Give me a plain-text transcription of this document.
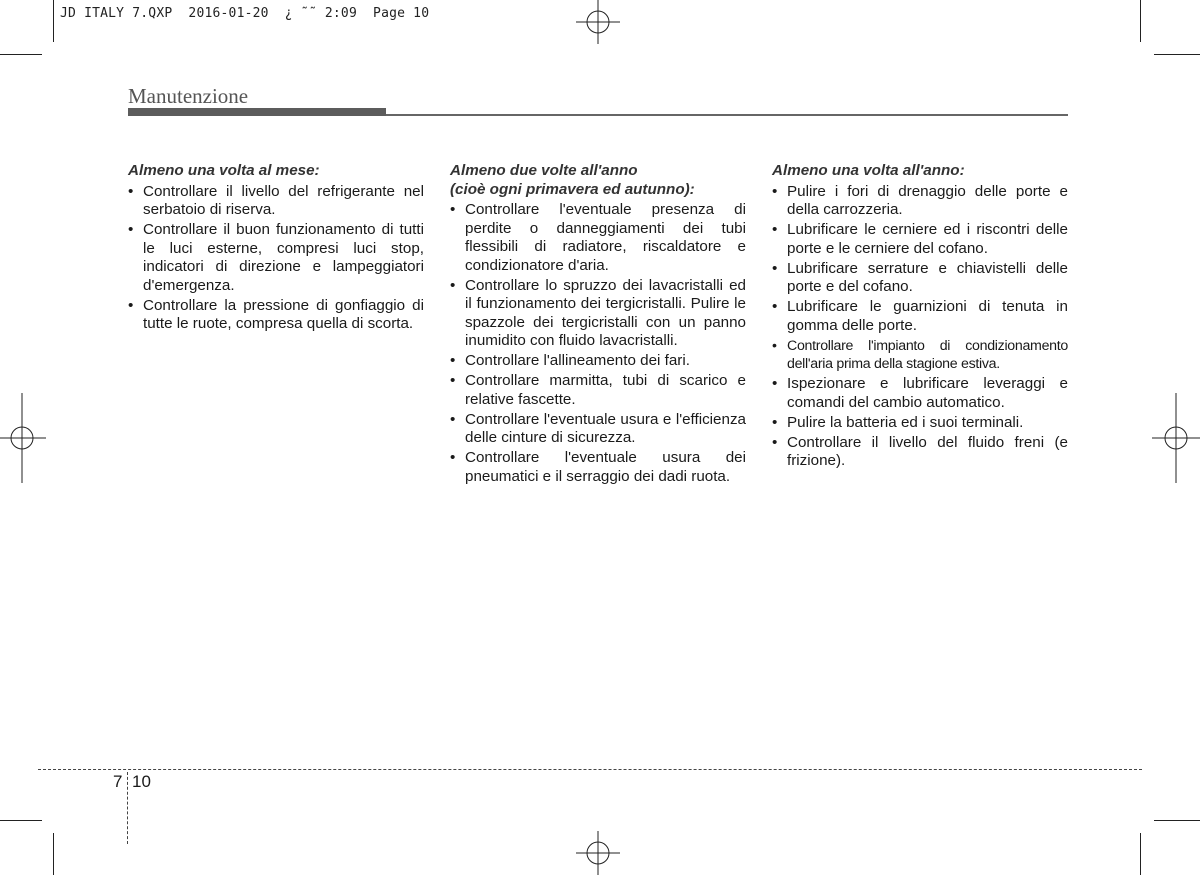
JD ITALY 7.QXP  2016-01-20  ¿ ˜˜ 2:09  Page 10
Manutenzione
Almeno una volta al mese:
• Controllare il livello del refrigerante nel serbatoio di riserva.
• Controllare il buon funzionamento di tutti le luci esterne, compresi luci stop, indicatori di direzione e lampeggiatori d'emergenza.
• Controllare la pressione di gonfiaggio di tutte le ruote, compresa quella di scorta.
Almeno due volte all'anno
(cioè ogni primavera ed autunno):
• Controllare l'eventuale presenza di perdite o danneggiamenti dei tubi flessibili di radiatore, riscaldatore e condizionatore d'aria.
• Controllare lo spruzzo dei lavacristalli ed il funzionamento dei tergicristalli. Pulire le spazzole dei tergicristalli con un panno inumidito con fluido lavacristalli.
• Controllare l'allineamento dei fari.
• Controllare marmitta, tubi di scarico e relative fascette.
• Controllare l'eventuale usura e l'efficienza delle cinture di sicurezza.
• Controllare l'eventuale usura dei pneumatici e il serraggio dei dadi ruota.
Almeno una volta all'anno:
• Pulire i fori di drenaggio delle porte e della carrozzeria.
• Lubrificare le cerniere ed i riscontri delle porte e le cerniere del cofano.
• Lubrificare serrature e chiavistelli delle porte e del cofano.
• Lubrificare le guarnizioni di tenuta in gomma delle porte.
• Controllare l'impianto di condizionamento dell'aria prima della stagione estiva.
• Ispezionare e lubrificare leveraggi e comandi del cambio automatico.
• Pulire la batteria ed i suoi terminali.
• Controllare il livello del fluido freni (e frizione).
7 10
